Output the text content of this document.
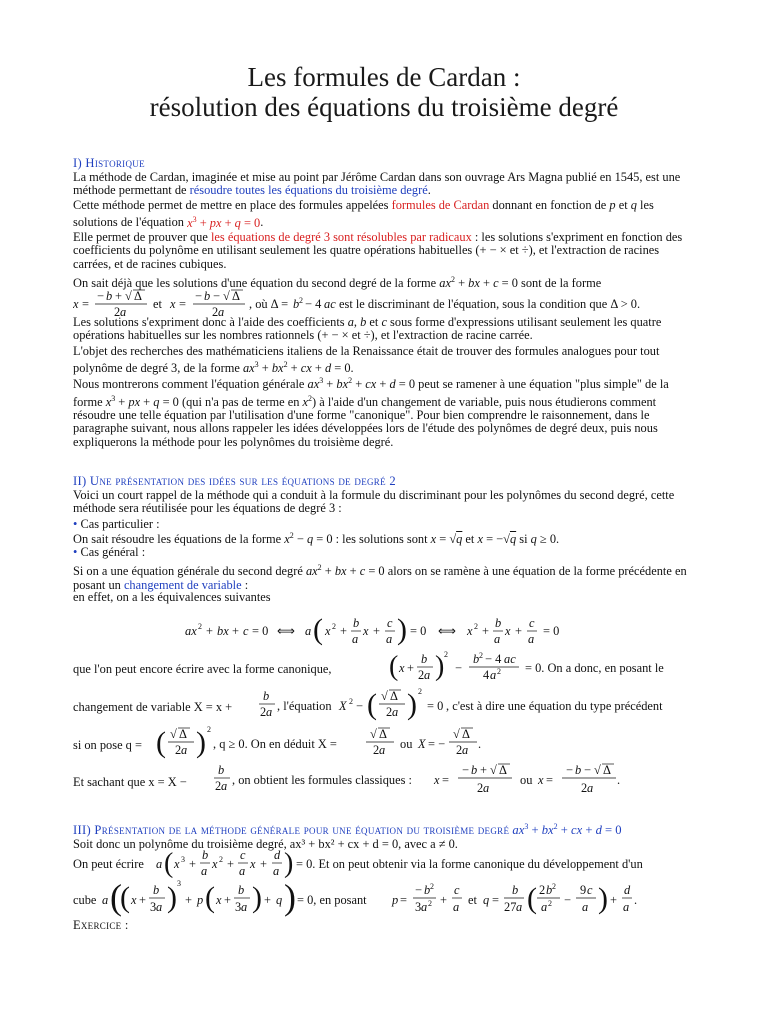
Les formules de Cardan :
résolution des équations du troisième degré
I) Historique
La méthode de Cardan, imaginée et mise au point par Jérôme Cardan dans son ouvrage Ars Magna publié en 1545, est une méthode permettant de résoudre toutes les équations du troisième degré.
Cette méthode permet de mettre en place des formules appelées formules de Cardan donnant en fonction de p et q les solutions de l'équation $x^3$ + px + q = 0.
Elle permet de prouver que les équations de degré 3 sont résolubles par radicaux : les solutions s'expriment en fonction des coefficients du polynôme en utilisant seulement les quatre opérations habituelles (+ − × et ÷), et l'extraction de racines carrées, et de racines cubiques.
On sait déjà que les solutions d'une équation du second degré de la forme $ax^2$ + bx + c = 0 sont de la forme
x =
− b + √ Δ
2 a
et x =
− b − √ Δ
2 a
, où Δ = b 2 − 4 ac est le discriminant de l'équation, sous la condition que Δ > 0.
Les solutions s'expriment donc à l'aide des coefficients a, b et c sous forme d'expressions utilisant seulement les quatre opérations habituelles sur les nombres rationnels (+ − × et ÷), et l'extraction de racine carrée.
L'objet des recherches des mathématiciens italiens de la Renaissance était de trouver des formules analogues pour tout polynôme de degré 3, de la forme $ax^3 + bx^2$ + cx + d = 0.
Nous montrerons comment l'équation générale $ax^3 + bx^2$ + cx + d = 0 peut se ramener à une équation "plus simple" de la forme $x^3$ + px + q = 0 (qui n'a pas de terme en $x^2$) à l'aide d'un changement de variable, puis nous étudierons comment résoudre une telle équation par l'utilisation d'une forme "canonique". Pour bien comprendre le raisonnement, dans le paragraphe suivant, nous allons rappeler les idées développées lors de l'étude des polynômes de degré deux, puis nous expliquerons la méthode pour les polynômes du troisième degré.
II) Une présentation des idées sur les équations de degré 2
Voici un court rappel de la méthode qui a conduit à la formule du discriminant pour les polynômes du second degré, cette méthode sera réutilisée pour les équations de degré 3 :
• Cas particulier :
On sait résoudre les équations de la forme $x^2 - q = 0$ : les solutions sont x = √q et x = −√q si q ≥ 0.
• Cas général :
Si on a une équation générale du second degré $ax^2$ + bx + c = 0 alors on se ramène à une équation de la forme précédente en posant un changement de variable :
en effet, on a les équivalences suivantes
ax 2 + bx + c = 0 ⟺ a ( x 2 +
b
a
x +
c
a ) = 0 ⟺ x 2 +
b
a
x +
c
a
= 0
que l'on peut encore écrire avec la forme canonique,	( x +
b
2 a ) 2
−
b 2 − 4 ac
4 a 2 = 0. On a donc, en posant le
changement de variable X = x +
b
2 a , l'équation X 2 − ( √ Δ
2 a ) 2
= 0 , c'est à dire une équation du type précédent
si on pose q = ( √ Δ
2 a ) 2
, q ≥ 0. On en déduit X =
√ Δ
2 a ou X = −
√ Δ
2 a .
Et sachant que x = X −
b
2 a , on obtient les formules classiques : x =
− b + √ Δ
2 a
ou x =
− b − √ Δ
2 a
.
III) Présentation de la méthode générale pour une équation du troisième degré $ax^3 + bx^2$ + cx + d = 0
Soit donc un polynôme du troisième degré, ax³ + bx² + cx + d = 0, avec a ≠ 0.
On peut écrire a ( x 3 +
b
a x 2 +
c
a x +
d
a ) = 0. Et on peut obtenir via la forme canonique du développement d'un
cube a (
( x +
b
3 a ) 3
+ p ( x +
b
3 a ) + q ) = 0, en posant p =
− b 2
3 a 2 +
c
a et q =
b
27 a ( 2 b 2
a 2 −
9 c
a ) +
d
a .
Exercice :
